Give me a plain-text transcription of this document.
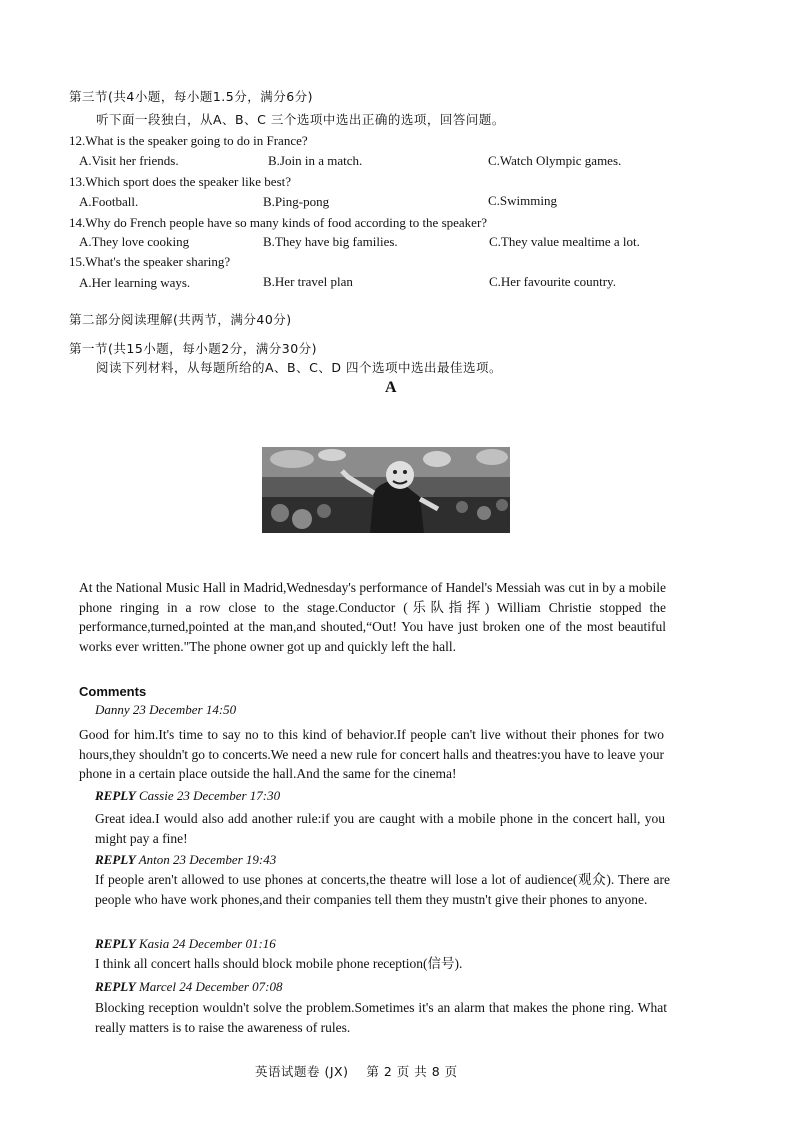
第三节(共4小题，每小题1.5分，满分6分)
听下面一段独白，从A、B、C 三个选项中选出正确的选项，回答问题。
12.What is the speaker going to do in France?
A.Visit her friends.	B.Join in a match.	C.Watch Olympic games.
13.Which sport does the speaker like best?
A.Football.	B.Ping-pong	C.Swimming
14.Why do French people have so many kinds of food according to the speaker?
A.They love cooking	B.They have big families.	C.They value mealtime a lot.
15.What's the speaker sharing?
A.Her learning ways.	B.Her travel plan	C.Her favourite country.
第二部分阅读理解(共两节，满分40分)
第一节(共15小题，每小题2分，满分30分)
阅读下列材料，从每题所给的A、B、C、D 四个选项中选出最佳选项。
A
At the National Music Hall in Madrid,Wednesday's performance of Handel's Messiah was cut in by a mobile phone ringing in a row close to the stage.Conductor (乐队指挥) William Christie stopped the performance,turned,pointed at the man,and shouted,“Out! You have just broken one of the most beautiful works ever written."The phone owner got up and quickly left the hall.
Comments
Danny 23 December 14:50
Good for him.It's time to say no to this kind of behavior.If people can't live without their phones for two hours,they shouldn't go to concerts.We need a new rule for concert halls and theatres:you have to leave your phone in a certain place outside the hall.And the same for the cinema!
REPLY Cassie 23 December 17:30
Great idea.I would also add another rule:if you are caught with a mobile phone in the concert hall, you might pay a fine!
REPLY Anton 23 December 19:43
If people aren't allowed to use phones at concerts,the theatre will lose a lot of audience(观众). There are people who have work phones,and their companies tell them they mustn't give their phones to anyone.
REPLY Kasia 24 December 01:16
I think all concert halls should block mobile phone reception(信号).
REPLY Marcel 24 December 07:08
Blocking reception wouldn't solve the problem.Sometimes it's an alarm that makes the phone ring. What really matters is to raise the awareness of rules.
英语试题卷 (JX)    第 2 页 共 8 页
